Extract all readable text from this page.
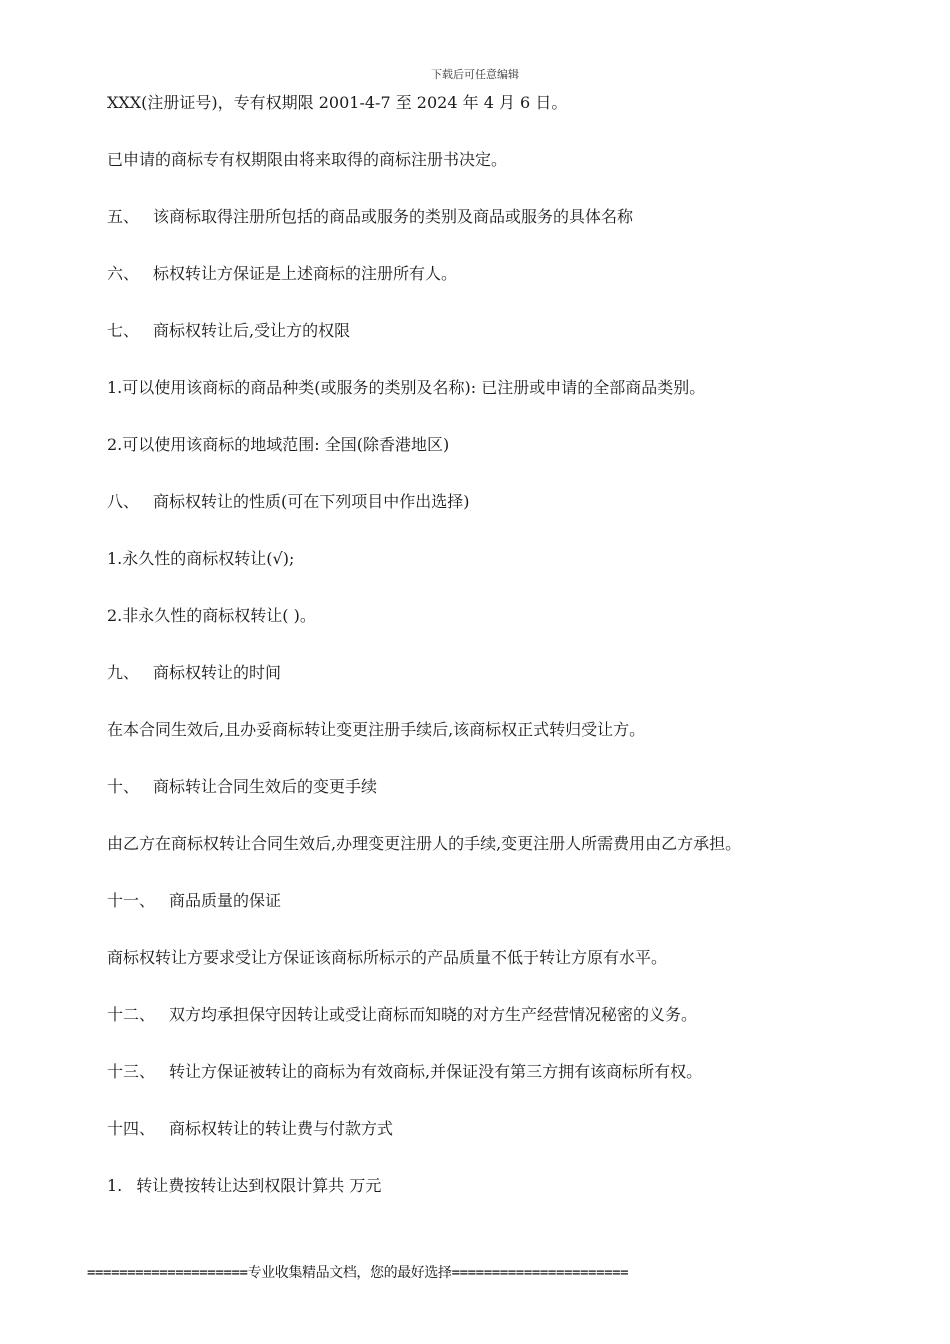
下载后可任意编辑
XXX(注册证号)，专有权期限 2001-4-7 至 2024 年 4 月 6 日。
已申请的商标专有权期限由将来取得的商标注册书决定。
五、 该商标取得注册所包括的商品或服务的类别及商品或服务的具体名称
六、 标权转让方保证是上述商标的注册所有人。
七、 商标权转让后,受让方的权限
1.可以使用该商标的商品种类(或服务的类别及名称): 已注册或申请的全部商品类别。
2.可以使用该商标的地域范围: 全国(除香港地区)
八、 商标权转让的性质(可在下列项目中作出选择)
1.永久性的商标权转让(√);
2.非永久性的商标权转让( )。
九、 商标权转让的时间
在本合同生效后,且办妥商标转让变更注册手续后,该商标权正式转归受让方。
十、 商标转让合同生效后的变更手续
由乙方在商标权转让合同生效后,办理变更注册人的手续,变更注册人所需费用由乙方承担。
十一、 商品质量的保证
商标权转让方要求受让方保证该商标所标示的产品质量不低于转让方原有水平。
十二、 双方均承担保守因转让或受让商标而知晓的对方生产经营情况秘密的义务。
十三、 转让方保证被转让的商标为有效商标,并保证没有第三方拥有该商标所有权。
十四、 商标权转让的转让费与付款方式
1. 转让费按转让达到权限计算共 万元
====================专业收集精品文档，您的最好选择======================
